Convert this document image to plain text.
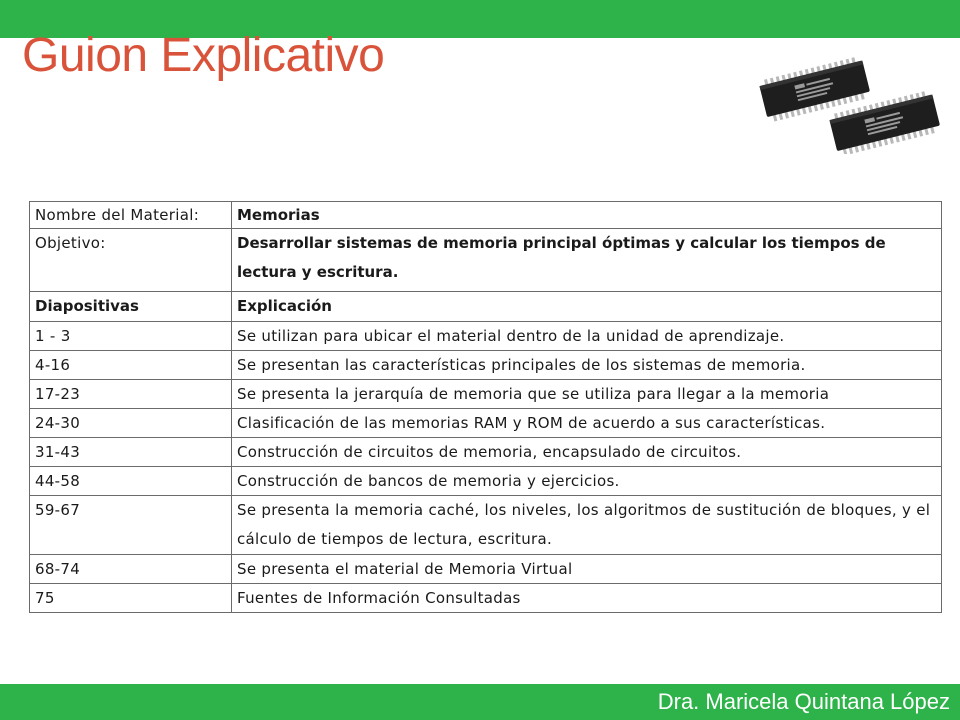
Guion Explicativo
Nombre del Material:	Memorias
Objetivo:	Desarrollar sistemas de memoria principal óptimas y calcular los tiempos de lectura y escritura.
Diapositivas	Explicación
1 - 3	Se utilizan para ubicar el material dentro de la unidad de aprendizaje.
4-16	Se presentan las características principales de los sistemas de memoria.
17-23	Se presenta la jerarquía de memoria que se utiliza para llegar a la memoria
24-30	Clasificación de las memorias RAM y ROM de acuerdo a sus características.
31-43	Construcción de circuitos de memoria, encapsulado de circuitos.
44-58	Construcción de bancos de memoria y ejercicios.
59-67	Se presenta la memoria caché, los niveles, los algoritmos de sustitución de bloques, y el cálculo de tiempos de lectura, escritura.
68-74	Se presenta el material de Memoria Virtual
75	Fuentes de Información Consultadas
Dra. Maricela Quintana López
